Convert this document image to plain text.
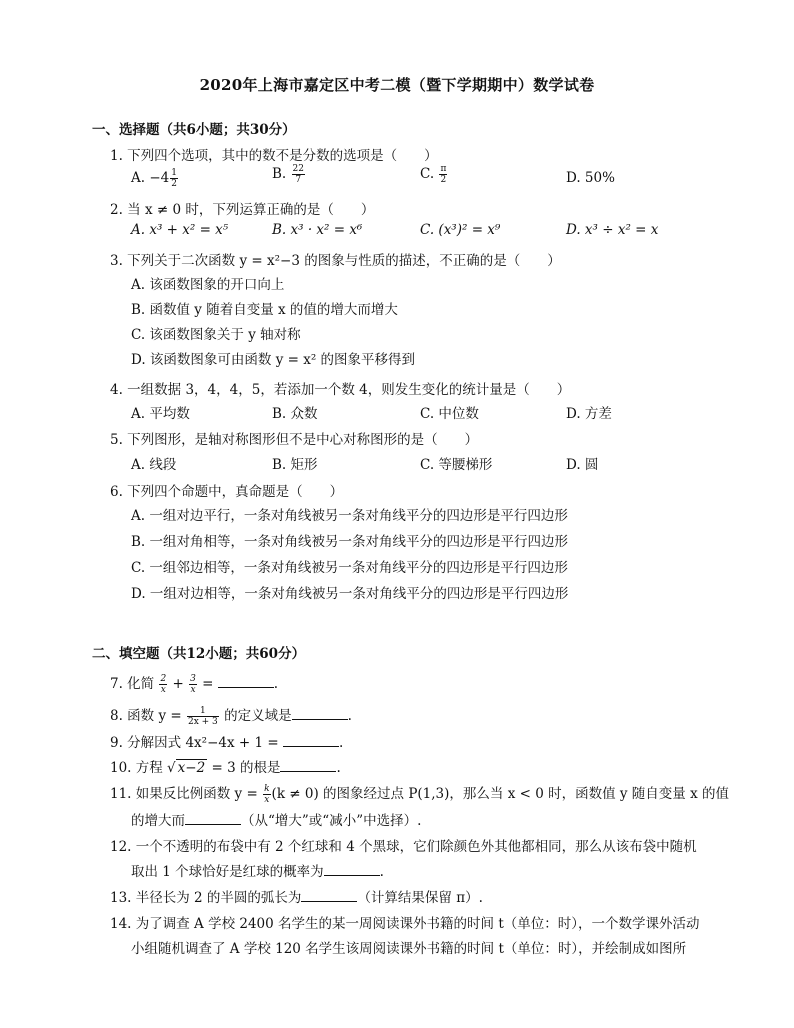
2020年上海市嘉定区中考二模（暨下学期期中）数学试卷
一、选择题（共6小题；共30分）
1. 下列四个选项，其中的数不是分数的选项是（　　）
A. $-4 \frac{1}{2}$	B. $\frac{22}{7}$	C. $\frac{\pi}{2}$	D. 50%
2. 当 x ≠ 0 时，下列运算正确的是（　　）
A. x³ + x² = x⁵	B. x³ · x² = x⁶	C. (x³)² = x⁹	D. x³ ÷ x² = x
3. 下列关于二次函数 y = x²−3 的图象与性质的描述，不正确的是（　　）
A. 该函数图象的开口向上
B. 函数值 y 随着自变量 x 的值的增大而增大
C. 该函数图象关于 y 轴对称
D. 该函数图象可由函数 y = x² 的图象平移得到
4. 一组数据 3，4，4，5，若添加一个数 4，则发生变化的统计量是（　　）
A. 平均数	B. 众数	C. 中位数	D. 方差
5. 下列图形，是轴对称图形但不是中心对称图形的是（　　）
A. 线段	B. 矩形	C. 等腰梯形	D. 圆
6. 下列四个命题中，真命题是（　　）
A. 一组对边平行，一条对角线被另一条对角线平分的四边形是平行四边形
B. 一组对角相等，一条对角线被另一条对角线平分的四边形是平行四边形
C. 一组邻边相等，一条对角线被另一条对角线平分的四边形是平行四边形
D. 一组对边相等，一条对角线被另一条对角线平分的四边形是平行四边形
二、填空题（共12小题；共60分）
7. 化简 $\frac{2}{x} + \frac{3}{x}$ =	.
8. 函数 $y = \frac{1}{2x + 3}$ 的定义域是	.
9. 分解因式 4x²−4x + 1 =	.
10. 方程 √ x−2 = 3 的根是	.
11. 如果反比例函数 $y = \frac{k}{x} (k \ne 0)$ 的图象经过点 P(1,3)，那么当 x < 0 时，函数值 y 随自变量 x 的值
的增大而	（从“增大”或“减小”中选择）.
12. 一个不透明的布袋中有 2 个红球和 4 个黑球，它们除颜色外其他都相同，那么从该布袋中随机
取出 1 个球恰好是红球的概率为	.
13. 半径长为 2 的半圆的弧长为	（计算结果保留 π）.
14. 为了调查 A 学校 2400 名学生的某一周阅读课外书籍的时间 t（单位：时），一个数学课外活动
小组随机调查了 A 学校 120 名学生该周阅读课外书籍的时间 t（单位：时），并绘制成如图所
